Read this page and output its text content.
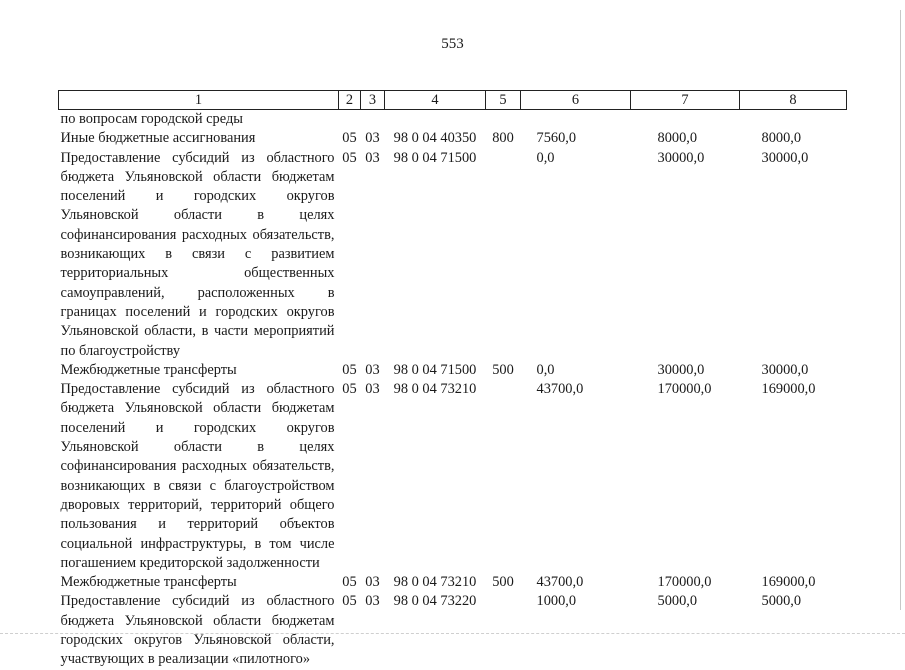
553
1	2	3	4	5	6	7	8
по вопросам городской среды							
Иные бюджетные ассигнования	05	03	98 0 04 40350	800	7560,0	8000,0	8000,0
Предоставление субсидий из областного бюджета Ульяновской области бюджетам поселений и городских округов Ульяновской области в целях софинансирования расходных обязательств, возникающих в связи с развитием территориальных общественных самоуправлений, расположенных в границах поселений и городских округов Ульяновской области, в части мероприятий по благоустройству	05	03	98 0 04 71500		0,0	30000,0	30000,0
Межбюджетные трансферты	05	03	98 0 04 71500	500	0,0	30000,0	30000,0
Предоставление субсидий из областного бюджета Ульяновской области бюджетам поселений и городских округов Ульяновской области в целях софинансирования расходных обязательств, возникающих в связи с благоустройством дворовых территорий, территорий общего пользования и территорий объектов социальной инфраструктуры, в том числе погашением кредиторской задолженности	05	03	98 0 04 73210		43700,0	170000,0	169000,0
Межбюджетные трансферты	05	03	98 0 04 73210	500	43700,0	170000,0	169000,0
Предоставление субсидий из областного бюджета Ульяновской области бюджетам городских округов Ульяновской области, участвующих в реализации «пилотного»	05	03	98 0 04 73220		1000,0	5000,0	5000,0
